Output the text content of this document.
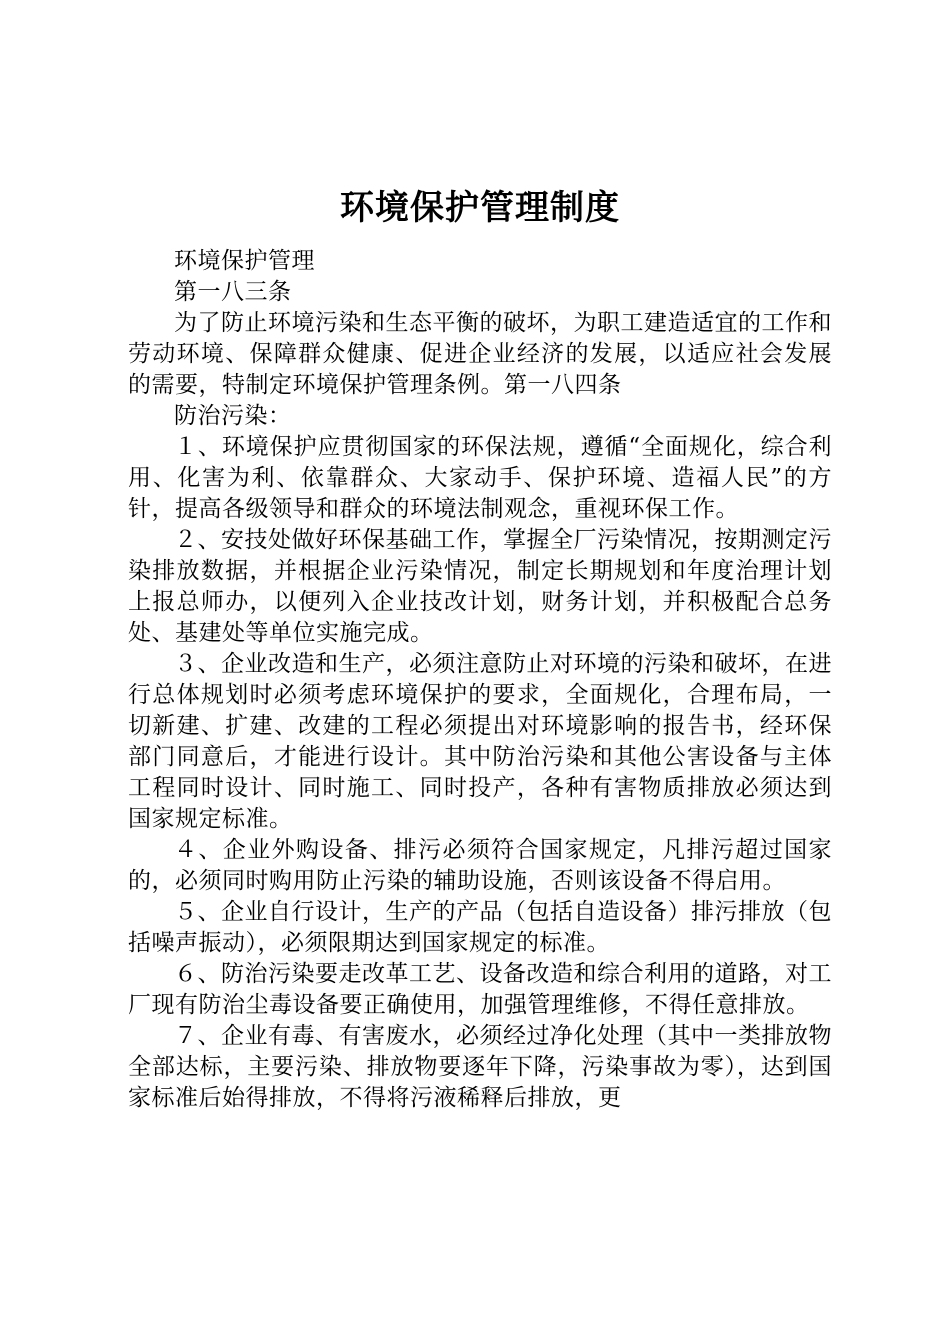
环境保护管理制度

环境保护管理

第一八三条

为了防止环境污染和生态平衡的破坏，为职工建造适宜的工作和劳动环境、保障群众健康、促进企业经济的发展，以适应社会发展的需要，特制定环境保护管理条例。第一八四条

防治污染：

１、环境保护应贯彻国家的环保法规，遵循“全面规化，综合利用、化害为利、依靠群众、大家动手、保护环境、造福人民”的方针，提高各级领导和群众的环境法制观念，重视环保工作。

２、安技处做好环保基础工作，掌握全厂污染情况，按期测定污染排放数据，并根据企业污染情况，制定长期规划和年度治理计划上报总师办，以便列入企业技改计划，财务计划，并积极配合总务处、基建处等单位实施完成。

３、企业改造和生产，必须注意防止对环境的污染和破坏，在进行总体规划时必须考虑环境保护的要求，全面规化，合理布局，一切新建、扩建、改建的工程必须提出对环境影响的报告书，经环保部门同意后，才能进行设计。其中防治污染和其他公害设备与主体工程同时设计、同时施工、同时投产，各种有害物质排放必须达到国家规定标准。

４、企业外购设备、排污必须符合国家规定，凡排污超过国家的，必须同时购用防止污染的辅助设施，否则该设备不得启用。

５、企业自行设计，生产的产品（包括自造设备）排污排放（包括噪声振动），必须限期达到国家规定的标准。

６、防治污染要走改革工艺、设备改造和综合利用的道路，对工厂现有防治尘毒设备要正确使用，加强管理维修，不得任意排放。

７、企业有毒、有害废水，必须经过净化处理（其中一类排放物全部达标，主要污染、排放物要逐年下降，污染事故为零），达到国家标准后始得排放，不得将污液稀释后排放，更
